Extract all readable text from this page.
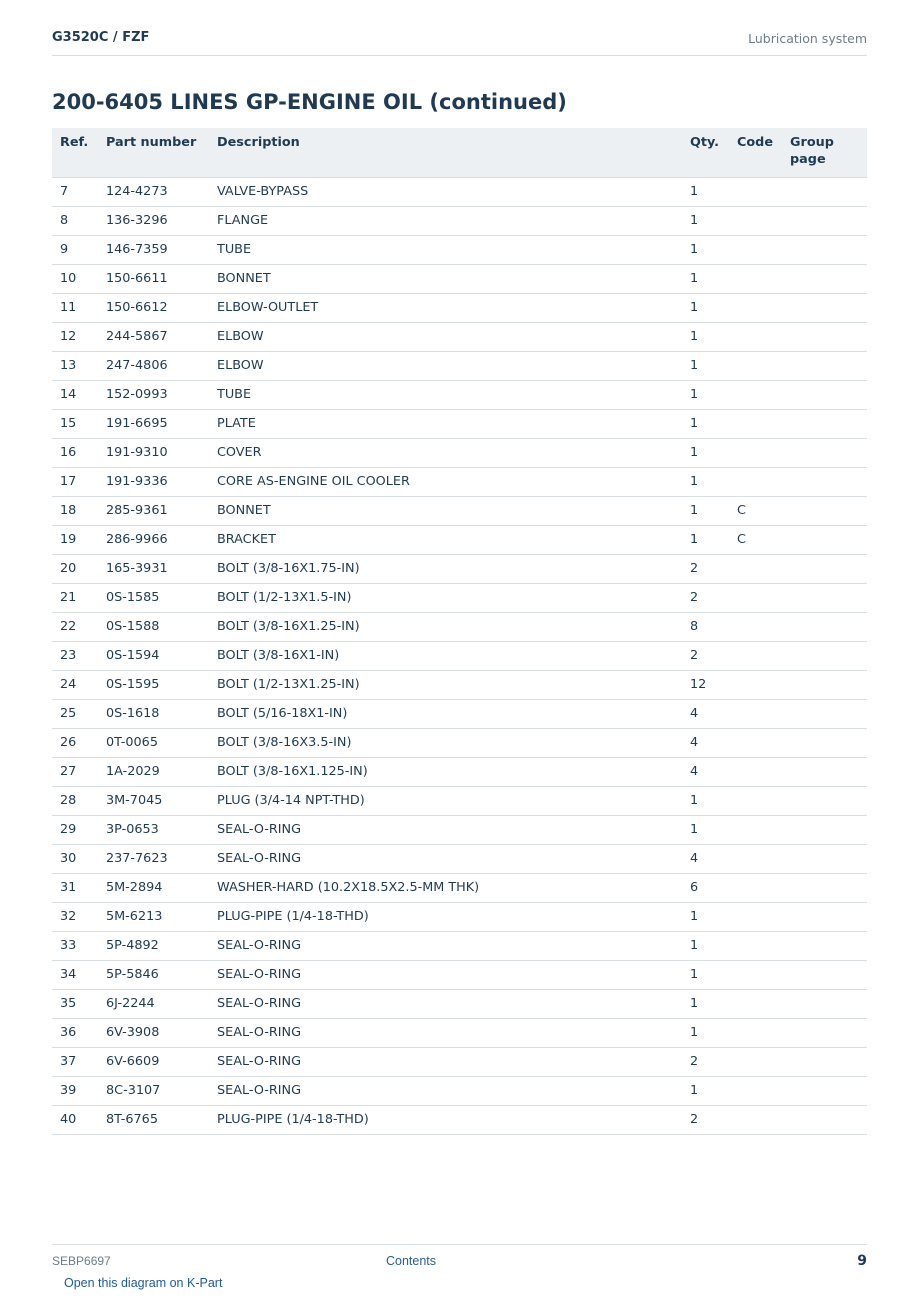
G3520C / FZF	Lubrication system
200-6405 LINES GP-ENGINE OIL (continued)
Ref.	Part number	Description	Qty.	Code	Group page
7	124-4273	VALVE-BYPASS	1		
8	136-3296	FLANGE	1		
9	146-7359	TUBE	1		
10	150-6611	BONNET	1		
11	150-6612	ELBOW-OUTLET	1		
12	244-5867	ELBOW	1		
13	247-4806	ELBOW	1		
14	152-0993	TUBE	1		
15	191-6695	PLATE	1		
16	191-9310	COVER	1		
17	191-9336	CORE AS-ENGINE OIL COOLER	1		
18	285-9361	BONNET	1	C	
19	286-9966	BRACKET	1	C	
20	165-3931	BOLT (3/8-16X1.75-IN)	2		
21	0S-1585	BOLT (1/2-13X1.5-IN)	2		
22	0S-1588	BOLT (3/8-16X1.25-IN)	8		
23	0S-1594	BOLT (3/8-16X1-IN)	2		
24	0S-1595	BOLT (1/2-13X1.25-IN)	12		
25	0S-1618	BOLT (5/16-18X1-IN)	4		
26	0T-0065	BOLT (3/8-16X3.5-IN)	4		
27	1A-2029	BOLT (3/8-16X1.125-IN)	4		
28	3M-7045	PLUG (3/4-14 NPT-THD)	1		
29	3P-0653	SEAL-O-RING	1		
30	237-7623	SEAL-O-RING	4		
31	5M-2894	WASHER-HARD (10.2X18.5X2.5-MM THK)	6		
32	5M-6213	PLUG-PIPE (1/4-18-THD)	1		
33	5P-4892	SEAL-O-RING	1		
34	5P-5846	SEAL-O-RING	1		
35	6J-2244	SEAL-O-RING	1		
36	6V-3908	SEAL-O-RING	1		
37	6V-6609	SEAL-O-RING	2		
39	8C-3107	SEAL-O-RING	1		
40	8T-6765	PLUG-PIPE (1/4-18-THD)	2		
SEBP6697	Contents	9
Open this diagram on K-Part
